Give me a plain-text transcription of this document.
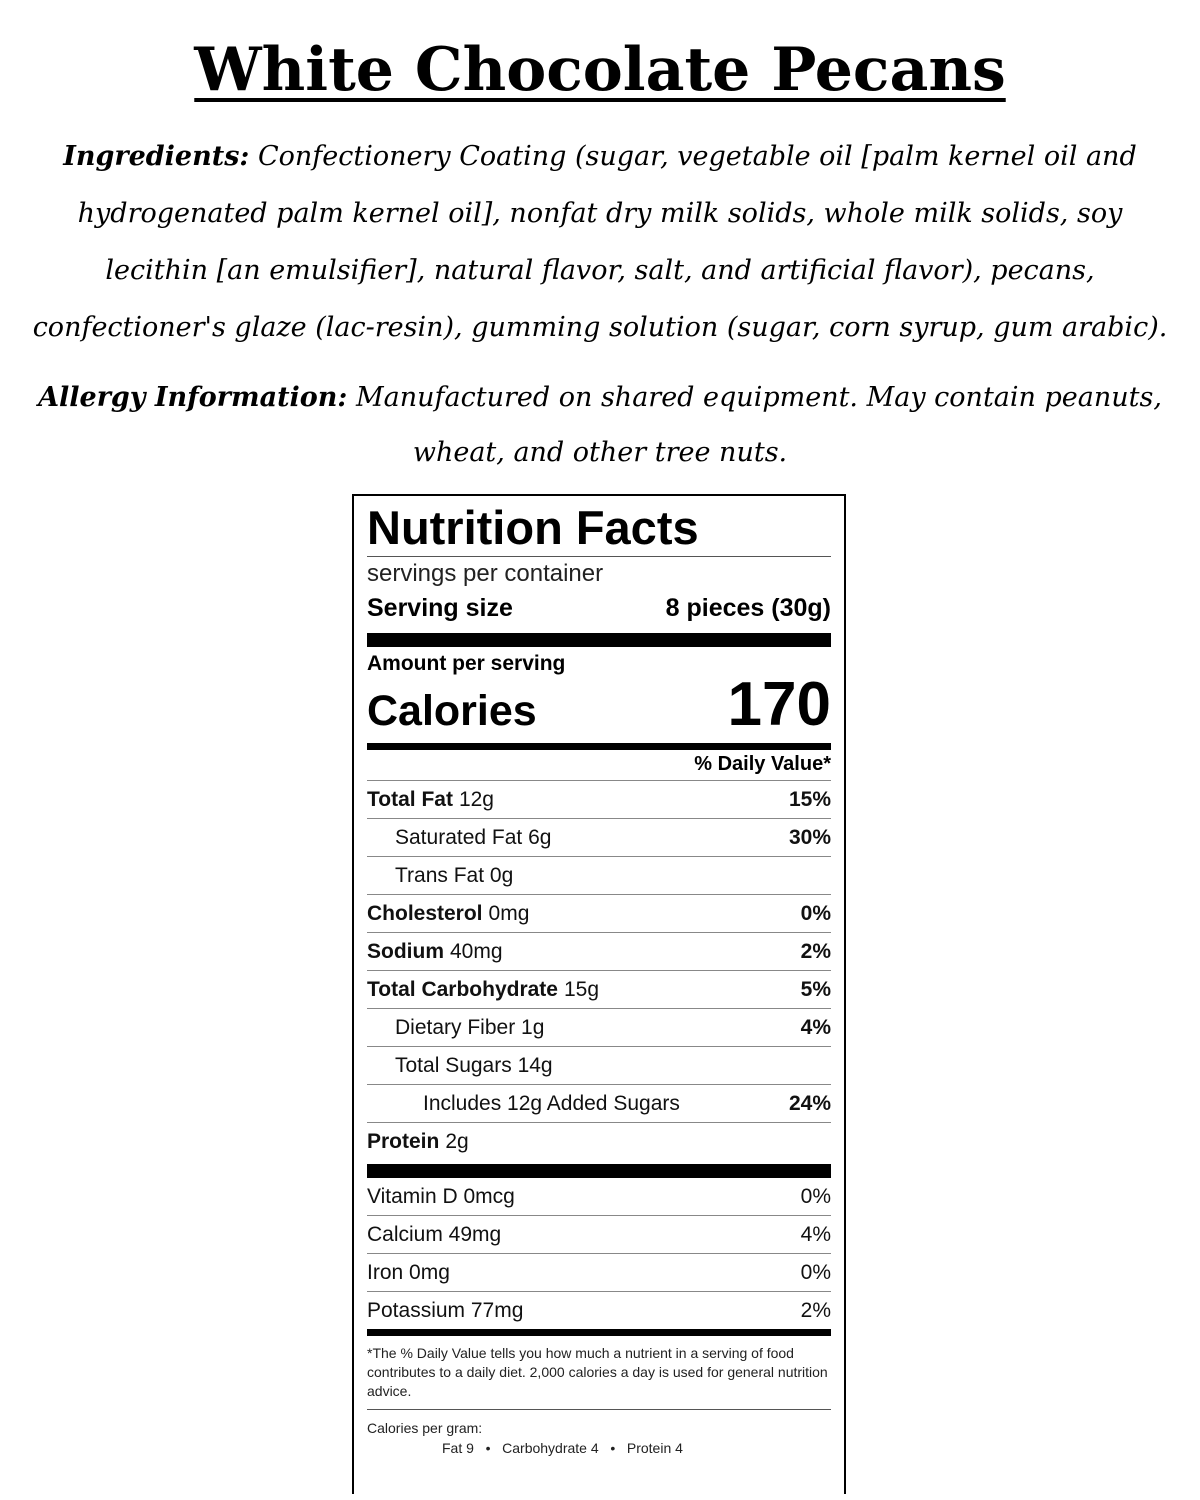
White Chocolate Pecans
Ingredients: Confectionery Coating (sugar, vegetable oil [palm kernel oil and
hydrogenated palm kernel oil], nonfat dry milk solids, whole milk solids, soy
lecithin [an emulsifier], natural flavor, salt, and artificial flavor), pecans,
confectioner's glaze (lac-resin), gumming solution (sugar, corn syrup, gum arabic).
Allergy Information: Manufactured on shared equipment. May contain peanuts,
wheat, and other tree nuts.
Nutrition Facts
servings per container
Serving size	8 pieces (30g)
Amount per serving
Calories	170
% Daily Value*
Total Fat 12g	15%
Saturated Fat 6g	30%
Trans Fat 0g
Cholesterol 0mg	0%
Sodium 40mg	2%
Total Carbohydrate 15g	5%
Dietary Fiber 1g	4%
Total Sugars 14g
Includes 12g Added Sugars	24%
Protein 2g
Vitamin D 0mcg	0%
Calcium 49mg	4%
Iron 0mg	0%
Potassium 77mg	2%
*The % Daily Value tells you how much a nutrient in a serving of food contributes to a daily diet. 2,000 calories a day is used for general nutrition advice.
Calories per gram:
Fat 9   •   Carbohydrate 4   •   Protein 4
